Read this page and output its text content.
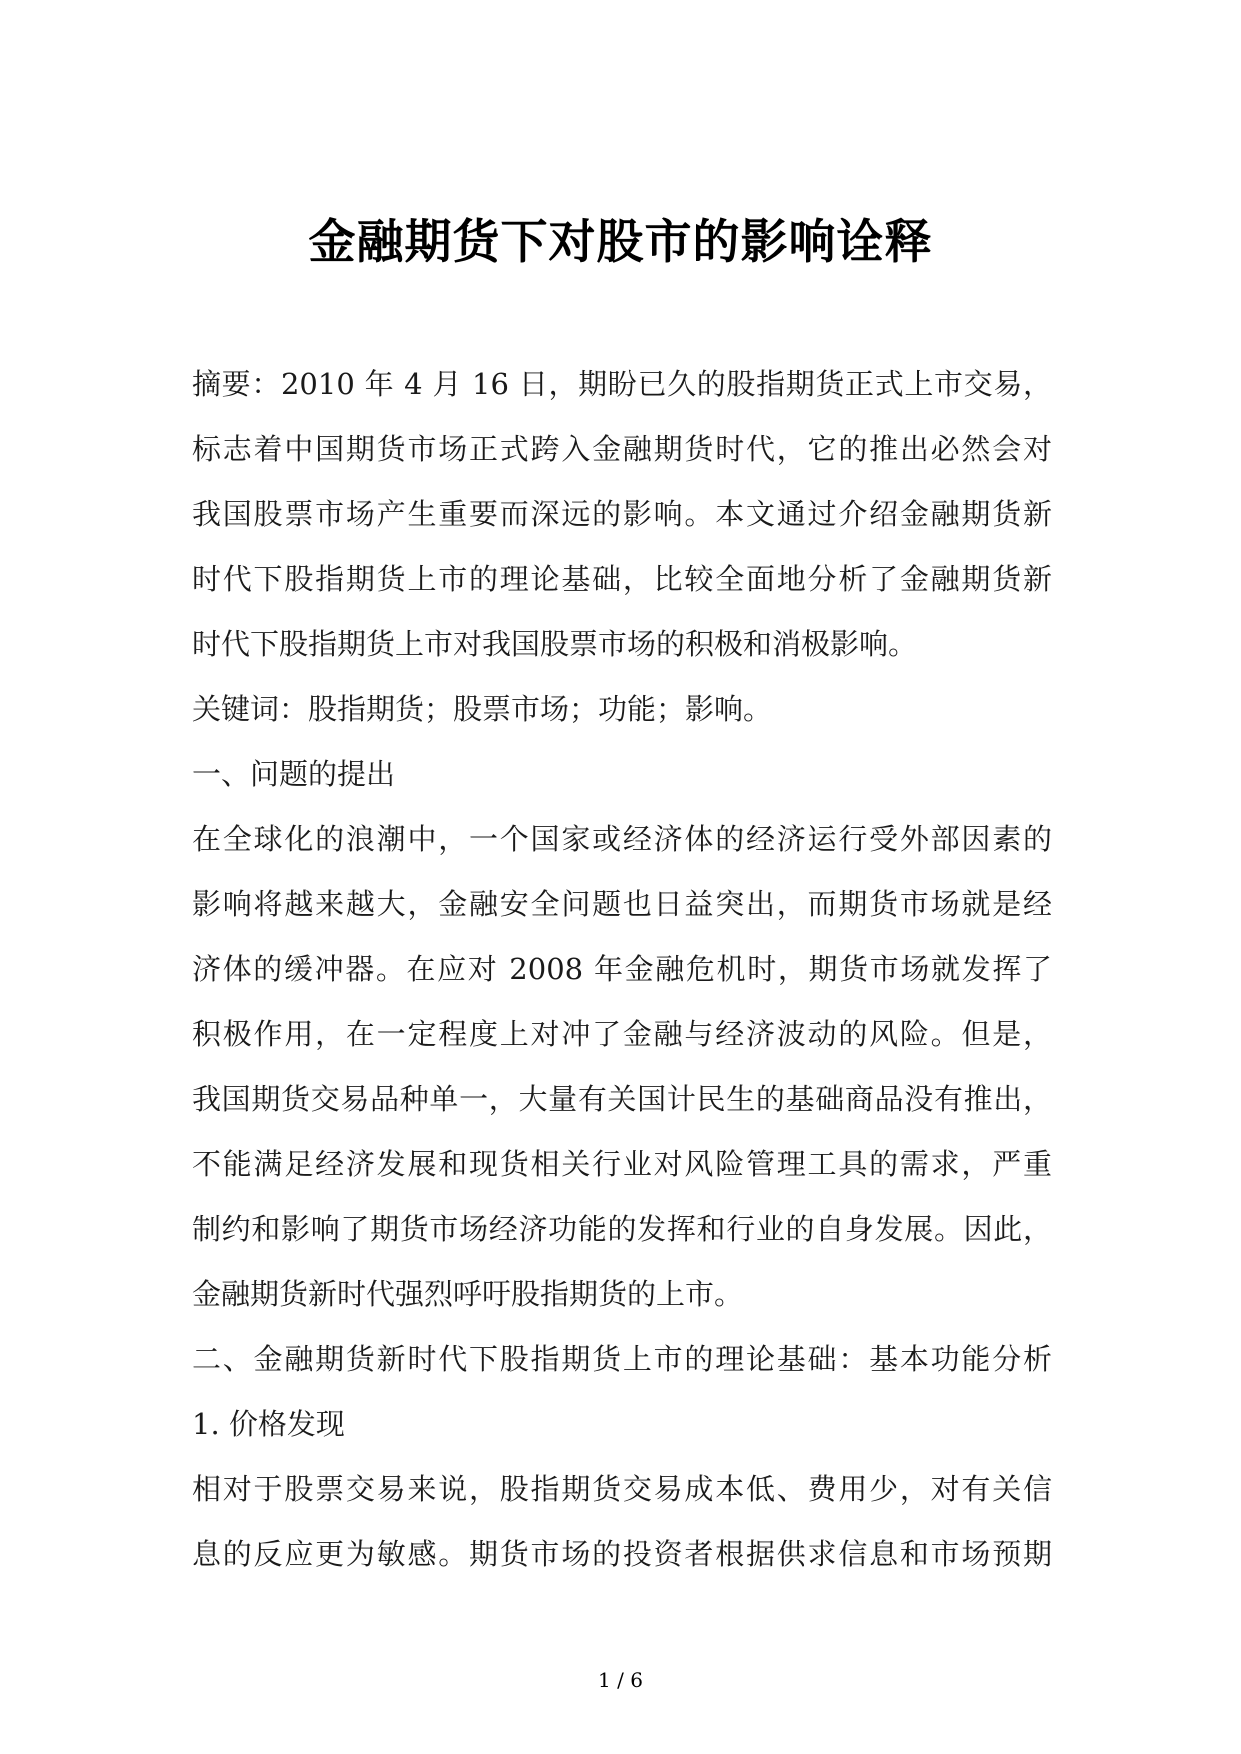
金融期货下对股市的影响诠释
摘要：2010 年 4 月 16 日，期盼已久的股指期货正式上市交易，
标志着中国期货市场正式跨入金融期货时代，它的推出必然会对
我国股票市场产生重要而深远的影响。本文通过介绍金融期货新
时代下股指期货上市的理论基础，比较全面地分析了金融期货新
时代下股指期货上市对我国股票市场的积极和消极影响。
关键词：股指期货；股票市场；功能；影响。
一、问题的提出
在全球化的浪潮中，一个国家或经济体的经济运行受外部因素的
影响将越来越大，金融安全问题也日益突出，而期货市场就是经
济体的缓冲器。在应对 2008 年金融危机时，期货市场就发挥了
积极作用，在一定程度上对冲了金融与经济波动的风险。但是，
我国期货交易品种单一，大量有关国计民生的基础商品没有推出，
不能满足经济发展和现货相关行业对风险管理工具的需求，严重
制约和影响了期货市场经济功能的发挥和行业的自身发展。因此，
金融期货新时代强烈呼吁股指期货的上市。
二、金融期货新时代下股指期货上市的理论基础：基本功能分析
1. 价格发现
相对于股票交易来说，股指期货交易成本低、费用少，对有关信
息的反应更为敏感。期货市场的投资者根据供求信息和市场预期
1 / 6
